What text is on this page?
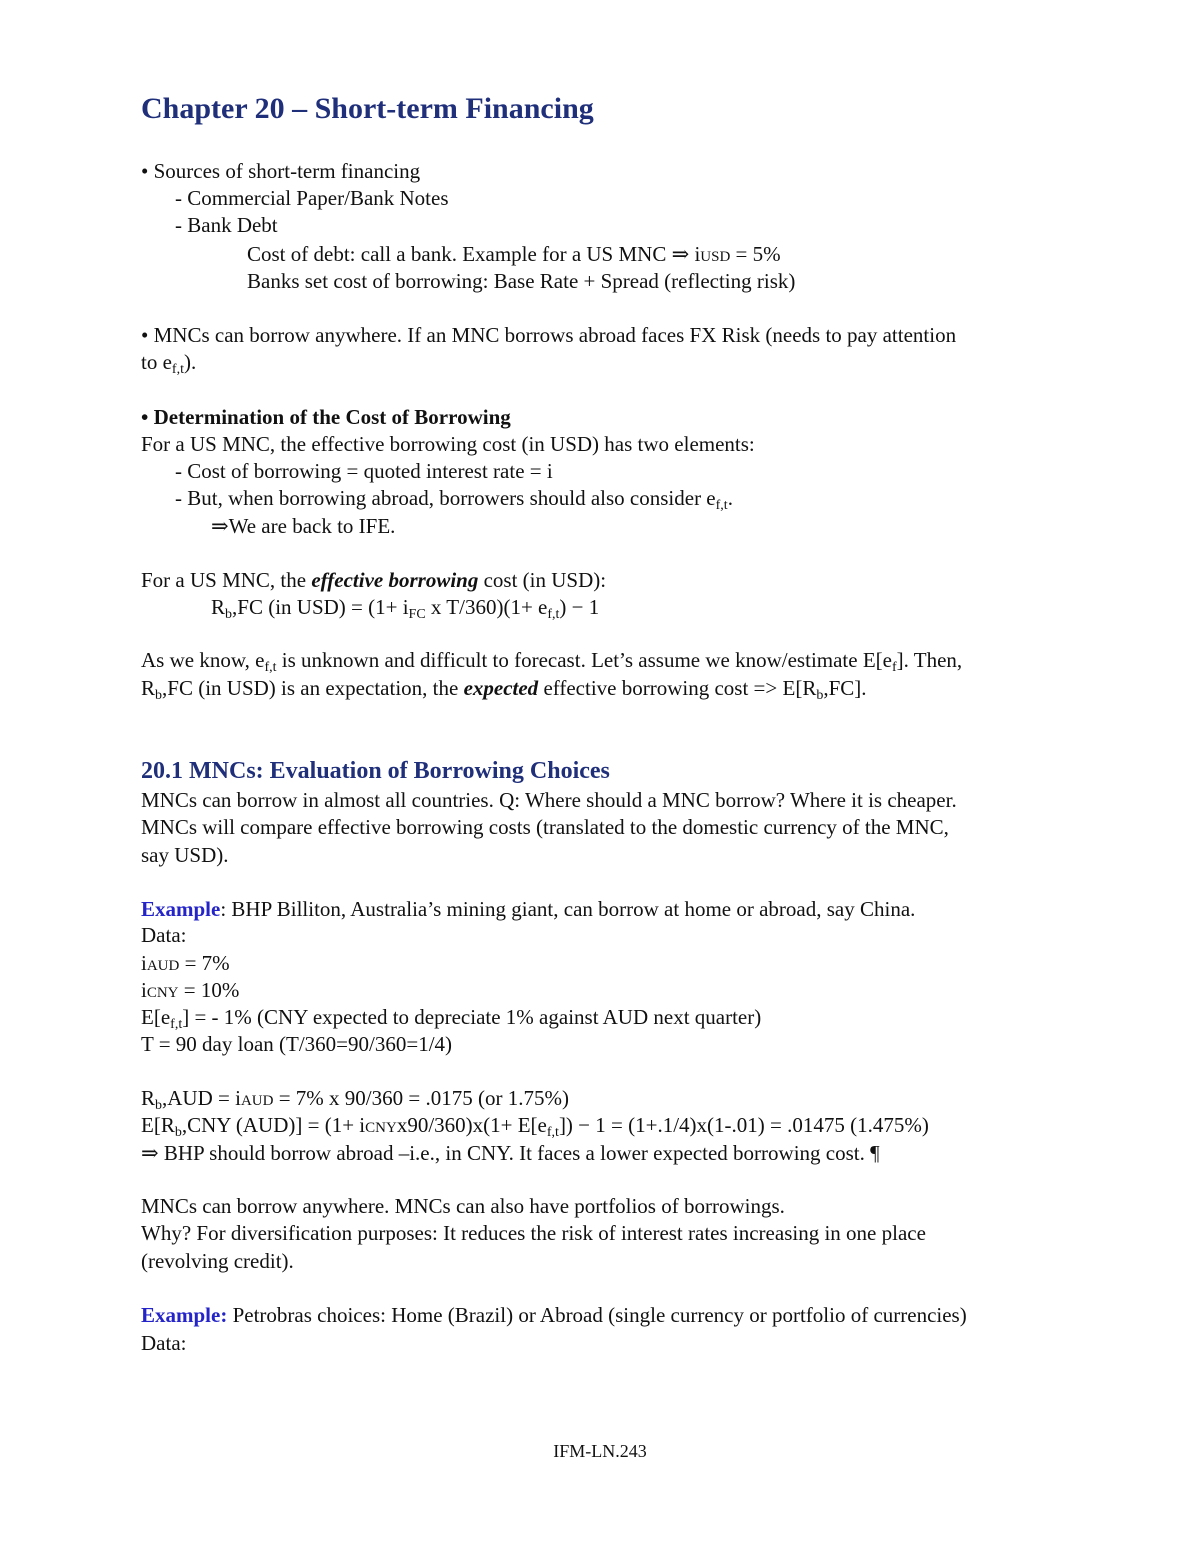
Chapter 20 – Short-term Financing
• Sources of short-term financing
- Commercial Paper/Bank Notes
- Bank Debt
Cost of debt: call a bank. Example for a US MNC ⇒ iUSD = 5%
Banks set cost of borrowing: Base Rate + Spread (reflecting risk)
• MNCs can borrow anywhere. If an MNC borrows abroad faces FX Risk (needs to pay attention
to ef,t).
• Determination of the Cost of Borrowing
For a US MNC, the effective borrowing cost (in USD) has two elements:
- Cost of borrowing = quoted interest rate = i
- But, when borrowing abroad, borrowers should also consider ef,t.
⇒We are back to IFE.
For a US MNC, the effective borrowing cost (in USD):
Rb,FC (in USD) = (1+ iFC x T/360)(1+ ef,t) − 1
As we know, ef,t is unknown and difficult to forecast. Let’s assume we know/estimate E[ef]. Then,
Rb,FC (in USD) is an expectation, the expected effective borrowing cost => E[Rb,FC].
20.1 MNCs: Evaluation of Borrowing Choices
MNCs can borrow in almost all countries. Q: Where should a MNC borrow? Where it is cheaper.
MNCs will compare effective borrowing costs (translated to the domestic currency of the MNC,
say USD).
Example: BHP Billiton, Australia’s mining giant, can borrow at home or abroad, say China.
Data:
iAUD = 7%
iCNY = 10%
E[ef,t] = - 1% (CNY expected to depreciate 1% against AUD next quarter)
T = 90 day loan (T/360=90/360=1/4)
Rb,AUD = iAUD = 7% x 90/360 = .0175 (or 1.75%)
E[Rb,CNY (AUD)] = (1+ iCNYx90/360)x(1+ E[ef,t]) − 1 = (1+.1/4)x(1-.01) = .01475 (1.475%)
⇒ BHP should borrow abroad –i.e., in CNY. It faces a lower expected borrowing cost. ¶
MNCs can borrow anywhere. MNCs can also have portfolios of borrowings.
Why? For diversification purposes: It reduces the risk of interest rates increasing in one place
(revolving credit).
Example: Petrobras choices: Home (Brazil) or Abroad (single currency or portfolio of currencies)
Data:
IFM-LN.243
